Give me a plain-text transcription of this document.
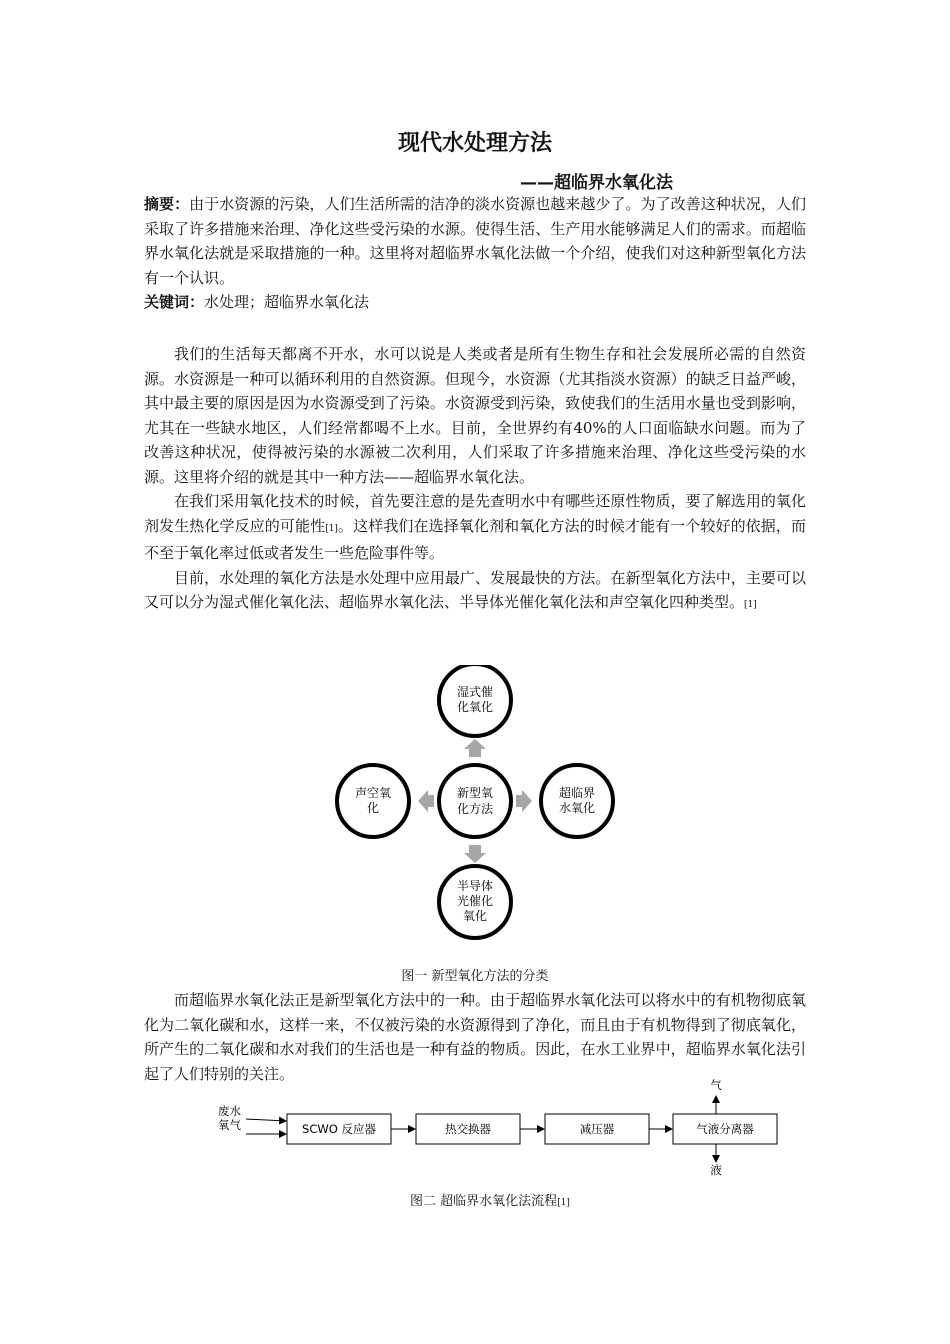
现代水处理方法
——超临界水氧化法
摘要：由于水资源的污染，人们生活所需的洁净的淡水资源也越来越少了。为了改善这种状况，人们采取了许多措施来治理、净化这些受污染的水源。使得生活、生产用水能够满足人们的需求。而超临界水氧化法就是采取措施的一种。这里将对超临界水氧化法做一个介绍，使我们对这种新型氧化方法有一个认识。
关键词：水处理；超临界水氧化法

我们的生活每天都离不开水，水可以说是人类或者是所有生物生存和社会发展所必需的自然资源。水资源是一种可以循环利用的自然资源。但现今，水资源（尤其指淡水资源）的缺乏日益严峻，其中最主要的原因是因为水资源受到了污染。水资源受到污染，致使我们的生活用水量也受到影响，尤其在一些缺水地区，人们经常都喝不上水。目前，全世界约有40%的人口面临缺水问题。而为了改善这种状况，使得被污染的水源被二次利用，人们采取了许多措施来治理、净化这些受污染的水源。这里将介绍的就是其中一种方法——超临界水氧化法。

在我们采用氧化技术的时候，首先要注意的是先查明水中有哪些还原性物质，要了解选用的氧化剂发生热化学反应的可能性[1]。这样我们在选择氧化剂和氧化方法的时候才能有一个较好的依据，而不至于氧化率过低或者发生一些危险事件等。

目前，水处理的氧化方法是水处理中应用最广、发展最快的方法。在新型氧化方法中，主要可以又可以分为湿式催化氧化法、超临界水氧化法、半导体光催化氧化法和声空氧化四种类型。[1]

新型氧
化方法
湿式催
化氧化
超临界
水氧化
半导体
光催化
氧化
声空氧
化
图一 新型氧化方法的分类

而超临界水氧化法正是新型氧化方法中的一种。由于超临界水氧化法可以将水中的有机物彻底氧化为二氧化碳和水，这样一来，不仅被污染的水资源得到了净化，而且由于有机物得到了彻底氧化，所产生的二氧化碳和水对我们的生活也是一种有益的物质。因此，在水工业界中，超临界水氧化法引起了人们特别的关注。

废水
氧气	SCWO 反应器	热交换器	减压器	气液分离器
气
液
图二 超临界水氧化法流程[1]
